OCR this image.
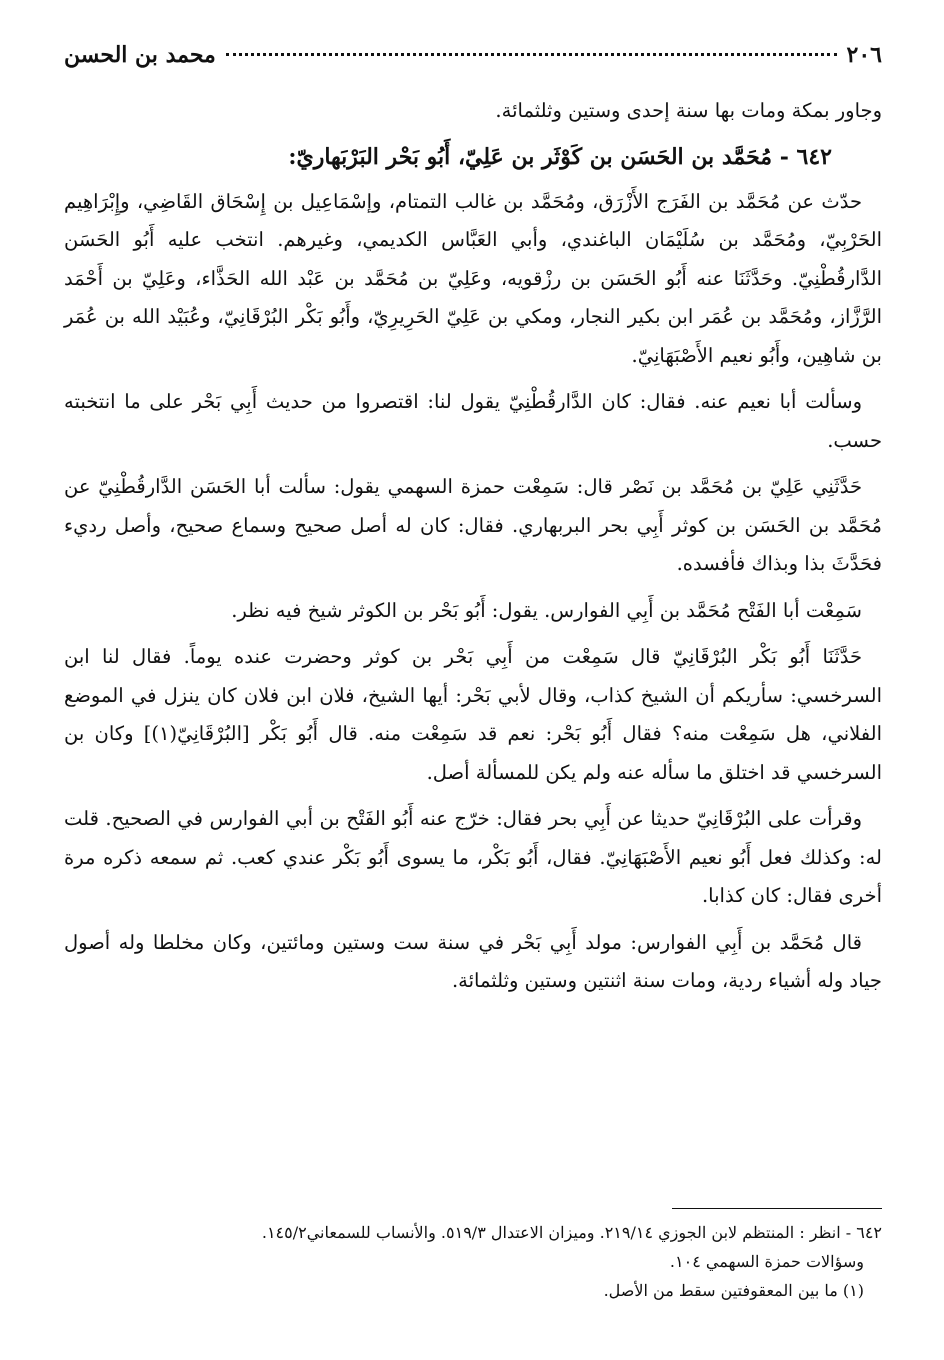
٢٠٦
محمد بن الحسن

وجاور بمكة ومات بها سنة إحدى وستين وثلثمائة.

٦٤٢ - مُحَمَّد بن الحَسَن بن كَوْثَر بن عَلِيّ، أَبُو بَحْر البَرْبَهاريّ:

حدّث عن مُحَمَّد بن الفَرَج الأَزْرَق، ومُحَمَّد بن غالب التمتام، وإسْمَاعِيل بن إِسْحَاق القَاضِي، وإِبْرَاهِيم الحَرْبِيّ، ومُحَمَّد بن سُلَيْمَان الباغندي، وأبي العَبَّاس الكديمي، وغيرهم. انتخب عليه أَبُو الحَسَن الدَّارقُطْنِيّ. وحَدَّثَنَا عنه أَبُو الحَسَن بن رزْقويه، وعَلِيّ بن مُحَمَّد بن عَبْد الله الحَذَّاء، وعَلِيّ بن أَحْمَد الرَّزَّاز، ومُحَمَّد بن عُمَر ابن بكير النجار، ومكي بن عَلِيّ الحَرِيرِيّ، وأَبُو بَكْر البُرْقَانِيّ، وعُبَيْد الله بن عُمَر بن شاهِين، وأَبُو نعيم الأَصْبَهَانِيّ.

وسألت أبا نعيم عنه. فقال: كان الدَّارقُطْنِيّ يقول لنا: اقتصروا من حديث أَبِي بَحْر على ما انتخبته حسب.

حَدَّثَنِي عَلِيّ بن مُحَمَّد بن نَصْر قال: سَمِعْت حمزة السهمي يقول: سألت أبا الحَسَن الدَّارقُطْنِيّ عن مُحَمَّد بن الحَسَن بن كوثر أَبِي بحر البربهاري. فقال: كان له أصل صحيح وسماع صحيح، وأصل رديء فحَدَّثَ بذا وبذاك فأفسده.

سَمِعْت أبا الفَتْح مُحَمَّد بن أَبِي الفوارس. يقول: أَبُو بَحْر بن الكوثر شيخ فيه نظر.

حَدَّثَنَا أَبُو بَكْر البُرْقَانِيّ قال سَمِعْت من أَبِي بَحْر بن كوثر وحضرت عنده يوماً. فقال لنا ابن السرخسي: سأريكم أن الشيخ كذاب، وقال لأبي بَحْر: أيها الشيخ، فلان ابن فلان كان ينزل في الموضع الفلاني، هل سَمِعْت منه؟ فقال أَبُو بَحْر: نعم قد سَمِعْت منه. قال أَبُو بَكْر [البُرْقَانِيّ(١)] وكان بن السرخسي قد اختلق ما سأله عنه ولم يكن للمسألة أصل.

وقرأت على البُرْقَانِيّ حديثا عن أَبِي بحر فقال: خرّج عنه أَبُو الفَتْح بن أبي الفوارس في الصحيح. قلت له: وكذلك فعل أَبُو نعيم الأَصْبَهَانِيّ. فقال، أَبُو بَكْر، ما يسوى أَبُو بَكْر عندي كعب. ثم سمعه ذكره مرة أخرى فقال: كان كذابا.

قال مُحَمَّد بن أَبِي الفوارس: مولد أَبِي بَحْر في سنة ست وستين ومائتين، وكان مخلطا وله أصول جياد وله أشياء ردية، ومات سنة اثنتين وستين وثلثمائة.

٦٤٢ - انظر : المنتظم لابن الجوزي ٢١٩/١٤. وميزان الاعتدال ٥١٩/٣. والأنساب للسمعاني١٤٥/٢.

وسؤالات حمزة السهمي ١٠٤.

(١) ما بين المعقوفتين سقط من الأصل.
